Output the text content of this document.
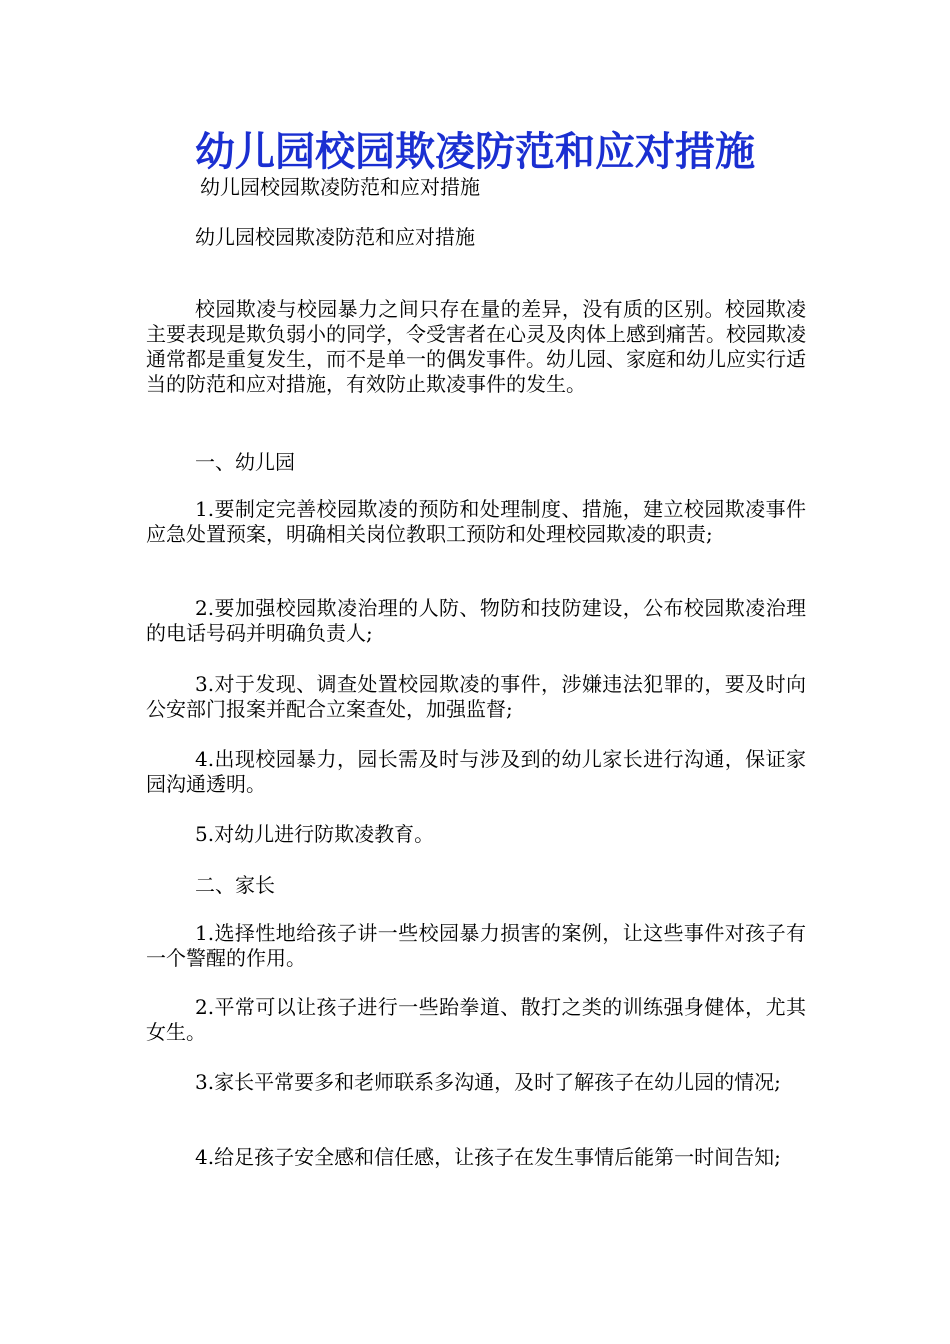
幼儿园校园欺凌防范和应对措施
幼儿园校园欺凌防范和应对措施
幼儿园校园欺凌防范和应对措施
校园欺凌与校园暴力之间只存在量的差异，没有质的区别。校园欺凌主要表现是欺负弱小的同学，令受害者在心灵及肉体上感到痛苦。校园欺凌通常都是重复发生，而不是单一的偶发事件。幼儿园、家庭和幼儿应实行适当的防范和应对措施，有效防止欺凌事件的发生。
一、幼儿园
1.要制定完善校园欺凌的预防和处理制度、措施，建立校园欺凌事件应急处置预案，明确相关岗位教职工预防和处理校园欺凌的职责;
2.要加强校园欺凌治理的人防、物防和技防建设，公布校园欺凌治理的电话号码并明确负责人;
3.对于发现、调查处置校园欺凌的事件，涉嫌违法犯罪的，要及时向公安部门报案并配合立案查处，加强监督;
4.出现校园暴力，园长需及时与涉及到的幼儿家长进行沟通，保证家园沟通透明。
5.对幼儿进行防欺凌教育。
二、家长
1.选择性地给孩子讲一些校园暴力损害的案例，让这些事件对孩子有一个警醒的作用。
2.平常可以让孩子进行一些跆拳道、散打之类的训练强身健体，尤其女生。
3.家长平常要多和老师联系多沟通，及时了解孩子在幼儿园的情况;
4.给足孩子安全感和信任感，让孩子在发生事情后能第一时间告知;
